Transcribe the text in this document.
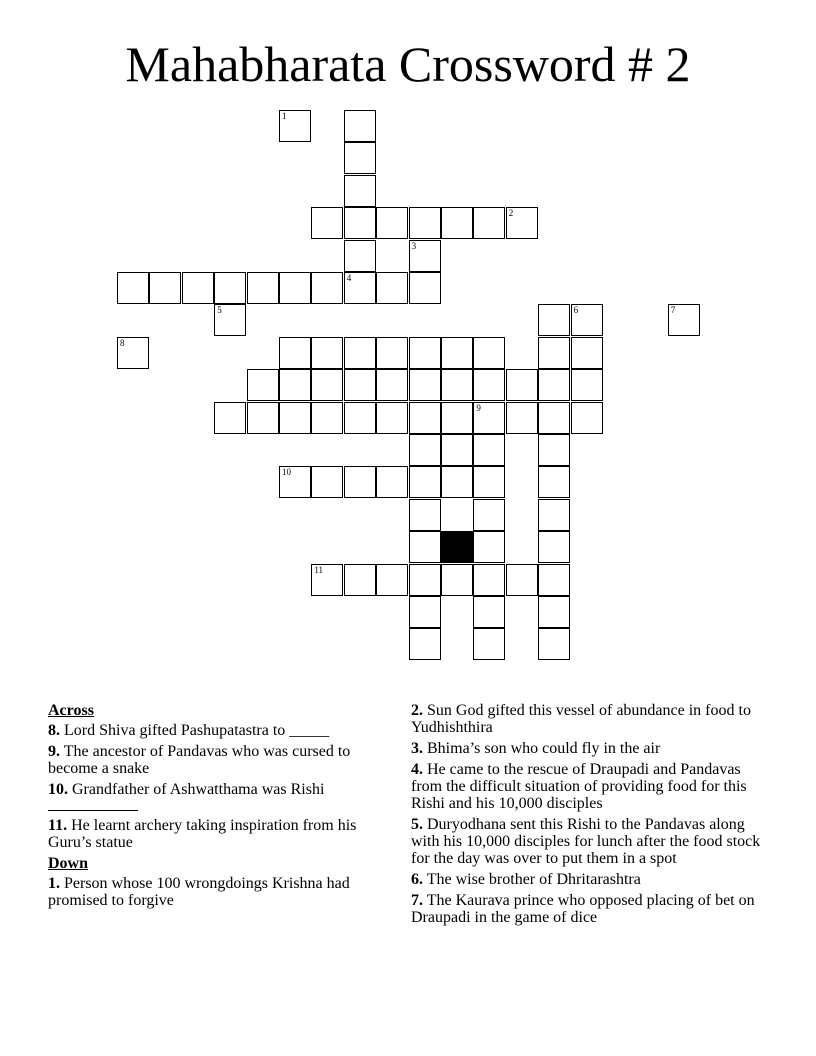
Mahabharata Crossword # 2
4
9
2
11
6
1
3
5	7
8
10
Across
8. Lord Shiva gifted Pashupatastra to _____
9. The ancestor of Pandavas who was cursed to become a snake
10. Grandfather of Ashwatthama was Rishi
11. He learnt archery taking inspiration from his Guru’s statue
Down
1. Person whose 100 wrongdoings Krishna had promised to forgive
2. Sun God gifted this vessel of abundance in food to Yudhishthira
3. Bhima’s son who could fly in the air
4. He came to the rescue of Draupadi and Pandavas from the difficult situation of providing food for this Rishi and his 10,000 disciples
5. Duryodhana sent this Rishi to the Pandavas along with his 10,000 disciples for lunch after the food stock for the day was over to put them in a spot
6. The wise brother of Dhritarashtra
7. The Kaurava prince who opposed placing of bet on Draupadi in the game of dice
